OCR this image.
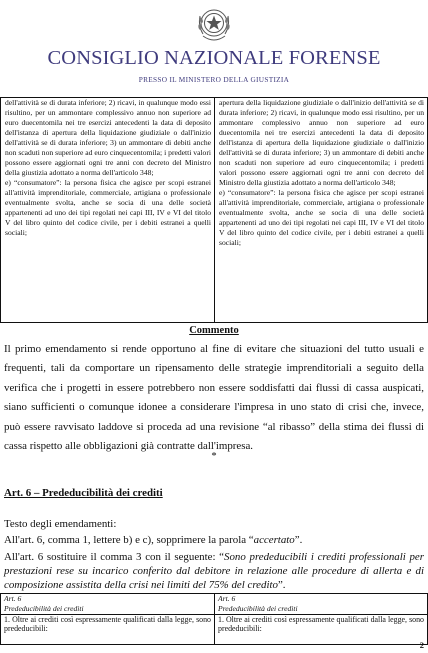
CONSIGLIO NAZIONALE FORENSE
PRESSO IL MINISTERO DELLA GIUSTIZIA
dell'attività se di durata inferiore; 2) ricavi, in qualunque modo essi risultino, per un ammontare complessivo annuo non superiore ad euro duecentomila nei tre esercizi antecedenti la data di deposito dell'istanza di apertura della liquidazione giudiziale o dall'inizio dell'attività se di durata inferiore; 3) un ammontare di debiti anche non scaduti non superiore ad euro cinquecentomila; i predetti valori possono essere aggiornati ogni tre anni con decreto del Ministro della giustizia adottato a norma dell'articolo 348;
e) “consumatore”: la persona fisica che agisce per scopi estranei all'attività imprenditoriale, commerciale, artigiana o professionale eventualmente svolta, anche se socia di una delle società appartenenti ad uno dei tipi regolati nei capi III, IV e VI del titolo V del libro quinto del codice civile, per i debiti estranei a quelli sociali;
apertura della liquidazione giudiziale o dall'inizio dell'attività se di durata inferiore; 2) ricavi, in qualunque modo essi risultino, per un ammontare complessivo annuo non superiore ad euro duecentomila nei tre esercizi antecedenti la data di deposito dell'istanza di apertura della liquidazione giudiziale o dall'inizio dell'attività se di durata inferiore; 3) un ammontare di debiti anche non scaduti non superiore ad euro cinquecentomila; i predetti valori possono essere aggiornati ogni tre anni con decreto del Ministro della giustizia adottato a norma dell'articolo 348;
e) “consumatore”: la persona fisica che agisce per scopi estranei all'attività imprenditoriale, commerciale, artigiana o professionale eventualmente svolta, anche se socia di una delle società appartenenti ad uno dei tipi regolati nei capi III, IV e VI del titolo V del libro quinto del codice civile, per i debiti estranei a quelli sociali;
Commento

Il primo emendamento si rende opportuno al fine di evitare che situazioni del tutto usuali e frequenti, tali da comportare un ripensamento delle strategie imprenditoriali a seguito della verifica che i progetti in essere potrebbero non essere soddisfatti dai flussi di cassa auspicati, siano sufficienti o comunque idonee a considerare l'impresa in uno stato di crisi che, invece, può essere ravvisato laddove si proceda ad una revisione “al ribasso” della stima dei flussi di cassa rispetto alle obbligazioni già contratte dall'impresa.

*
Art. 6 – Prededucibilità dei crediti
Testo degli emendamenti:
All'art. 6, comma 1, lettere b) e c), sopprimere la parola “accertato”.
All'art. 6 sostituire il comma 3 con il seguente: “Sono prededucibili i crediti professionali per prestazioni rese su incarico conferito dal debitore in relazione alle procedure di allerta e di composizione assistita della crisi nei limiti del 75% del credito”.
Art. 6
Prededucibilità dei crediti
1. Oltre ai crediti così espressamente qualificati dalla legge, sono prededucibili:
Art. 6
Prededucibilità dei crediti
1. Oltre ai crediti così espressamente qualificati dalla legge, sono prededucibili:
2
